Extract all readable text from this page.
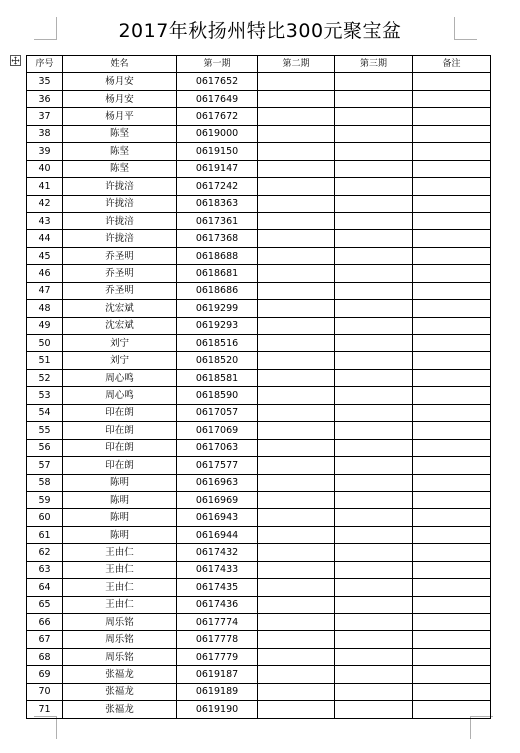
2017年秋扬州特比300元聚宝盆
序号	姓名	第一期	第二期	第三期	备注
35	杨月安	0617652			
36	杨月安	0617649			
37	杨月平	0617672			
38	陈坚	0619000			
39	陈坚	0619150			
40	陈坚	0619147			
41	许拢涪	0617242			
42	许拢涪	0618363			
43	许拢涪	0617361			
44	许拢涪	0617368			
45	乔圣明	0618688			
46	乔圣明	0618681			
47	乔圣明	0618686			
48	沈宏斌	0619299			
49	沈宏斌	0619293			
50	刘宁	0618516			
51	刘宁	0618520			
52	周心鸣	0618581			
53	周心鸣	0618590			
54	印在朗	0617057			
55	印在朗	0617069			
56	印在朗	0617063			
57	印在朗	0617577			
58	陈明	0616963			
59	陈明	0616969			
60	陈明	0616943			
61	陈明	0616944			
62	王由仁	0617432			
63	王由仁	0617433			
64	王由仁	0617435			
65	王由仁	0617436			
66	周乐铭	0617774			
67	周乐铭	0617778			
68	周乐铭	0617779			
69	张福龙	0619187			
70	张福龙	0619189			
71	张福龙	0619190			
